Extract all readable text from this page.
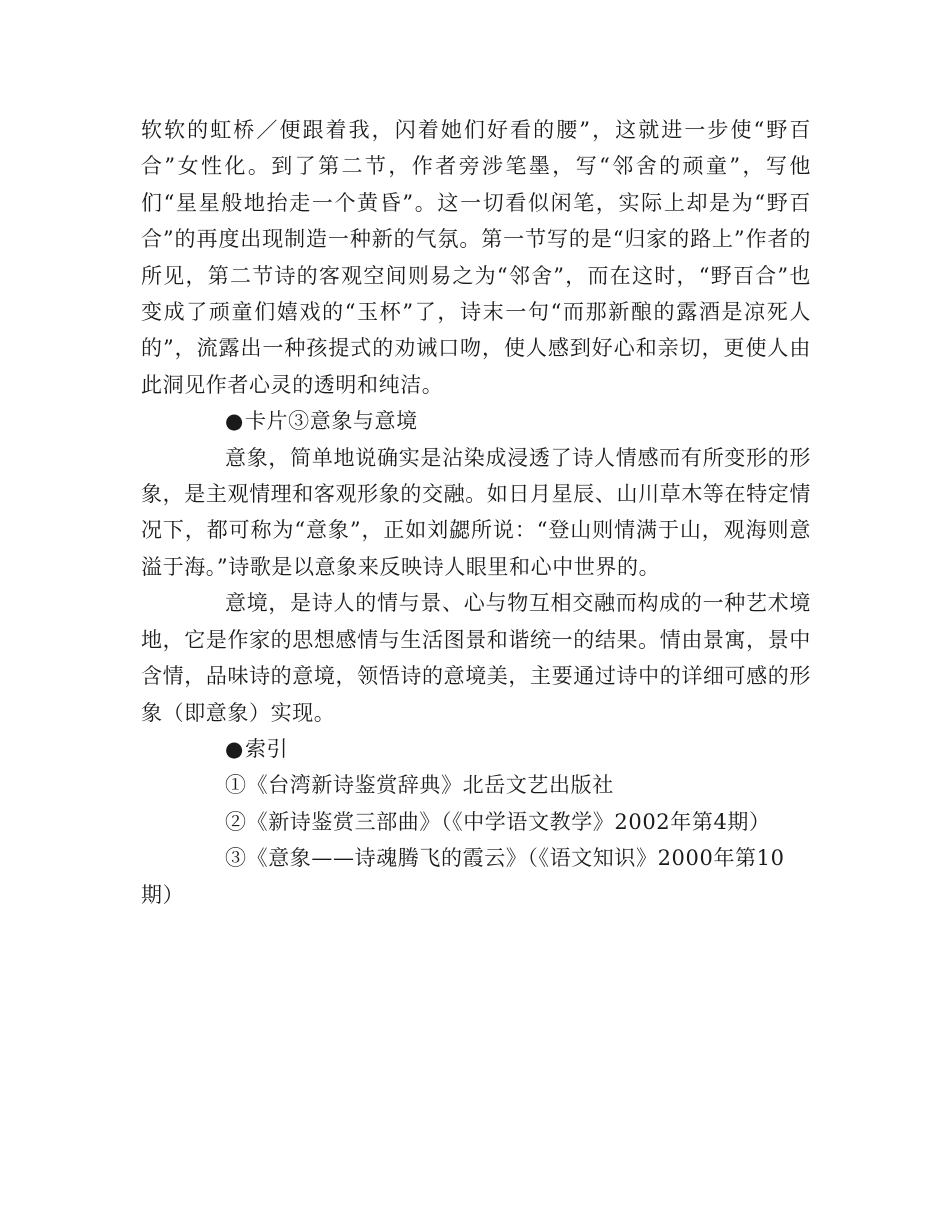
软软的虹桥／便跟着我，闪着她们好看的腰”，这就进一步使“野百合”女性化。到了第二节，作者旁涉笔墨，写“邻舍的顽童”，写他们“星星般地抬走一个黄昏”。这一切看似闲笔，实际上却是为“野百合”的再度出现制造一种新的气氛。第一节写的是“归家的路上”作者的所见，第二节诗的客观空间则易之为“邻舍”，而在这时，“野百合”也变成了顽童们嬉戏的“玉杯”了，诗末一句“而那新酿的露酒是凉死人的”，流露出一种孩提式的劝诫口吻，使人感到好心和亲切，更使人由此洞见作者心灵的透明和纯洁。

●卡片③意象与意境

意象，简单地说确实是沾染成浸透了诗人情感而有所变形的形象，是主观情理和客观形象的交融。如日月星辰、山川草木等在特定情况下，都可称为“意象”，正如刘勰所说：“登山则情满于山，观海则意溢于海。”诗歌是以意象来反映诗人眼里和心中世界的。

意境，是诗人的情与景、心与物互相交融而构成的一种艺术境地，它是作家的思想感情与生活图景和谐统一的结果。情由景寓，景中含情，品味诗的意境，领悟诗的意境美，主要通过诗中的详细可感的形象（即意象）实现。

●索引

①《台湾新诗鉴赏辞典》北岳文艺出版社

②《新诗鉴赏三部曲》（《中学语文教学》2002年第4期）

③《意象——诗魂腾飞的霞云》（《语文知识》2000年第10期）
